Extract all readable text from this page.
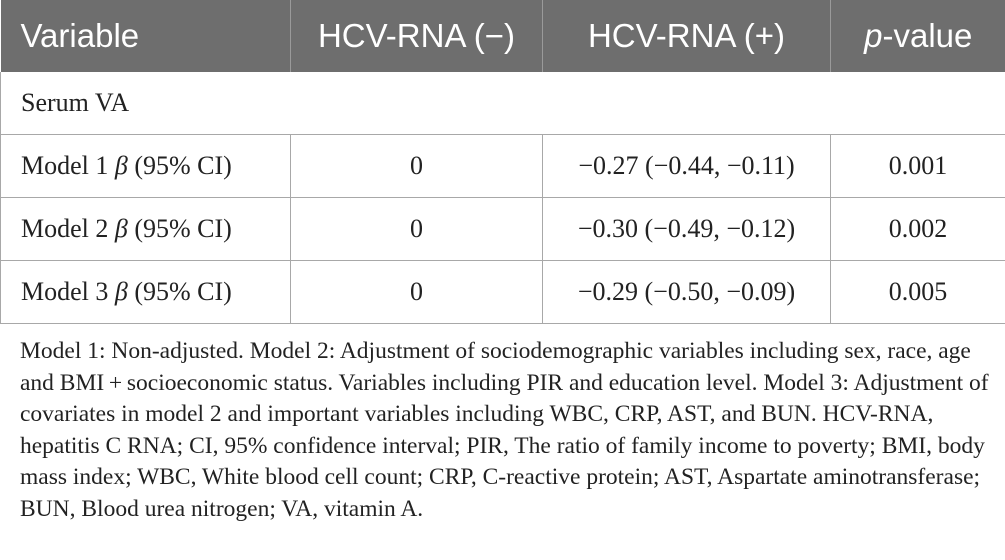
Variable	HCV-RNA (−)	HCV-RNA (+)	p-value
Serum VA			
Model 1 β (95% CI)	0	−0.27 (−0.44, −0.11)	0.001
Model 2 β (95% CI)	0	−0.30 (−0.49, −0.12)	0.002
Model 3 β (95% CI)	0	−0.29 (−0.50, −0.09)	0.005

Model 1: Non-adjusted. Model 2: Adjustment of sociodemographic variables including sex, race, age and BMI + socioeconomic status. Variables including PIR and education level. Model 3: Adjustment of covariates in model 2 and important variables including WBC, CRP, AST, and BUN. HCV-RNA, hepatitis C RNA; CI, 95% confidence interval; PIR, The ratio of family income to poverty; BMI, body mass index; WBC, White blood cell count; CRP, C-reactive protein; AST, Aspartate aminotransferase; BUN, Blood urea nitrogen; VA, vitamin A.
